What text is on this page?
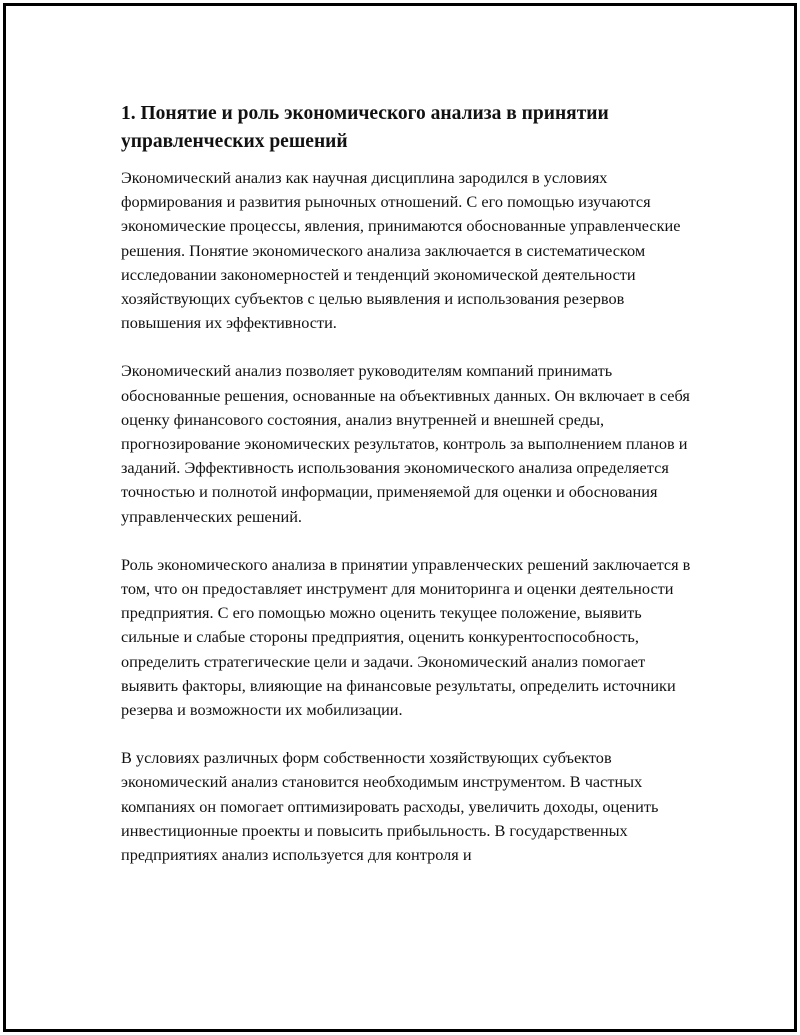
1. Понятие и роль экономического анализа в принятии управленческих решений

Экономический анализ как научная дисциплина зародился в условиях формирования и развития рыночных отношений. С его помощью изучаются экономические процессы, явления, принимаются обоснованные управленческие решения. Понятие экономического анализа заключается в систематическом исследовании закономерностей и тенденций экономической деятельности хозяйствующих субъектов с целью выявления и использования резервов повышения их эффективности.

Экономический анализ позволяет руководителям компаний принимать обоснованные решения, основанные на объективных данных. Он включает в себя оценку финансового состояния, анализ внутренней и внешней среды, прогнозирование экономических результатов, контроль за выполнением планов и заданий. Эффективность использования экономического анализа определяется точностью и полнотой информации, применяемой для оценки и обоснования управленческих решений.

Роль экономического анализа в принятии управленческих решений заключается в том, что он предоставляет инструмент для мониторинга и оценки деятельности предприятия. С его помощью можно оценить текущее положение, выявить сильные и слабые стороны предприятия, оценить конкурентоспособность, определить стратегические цели и задачи. Экономический анализ помогает выявить факторы, влияющие на финансовые результаты, определить источники резерва и возможности их мобилизации.

В условиях различных форм собственности хозяйствующих субъектов экономический анализ становится необходимым инструментом. В частных компаниях он помогает оптимизировать расходы, увеличить доходы, оценить инвестиционные проекты и повысить прибыльность. В государственных предприятиях анализ используется для контроля и
